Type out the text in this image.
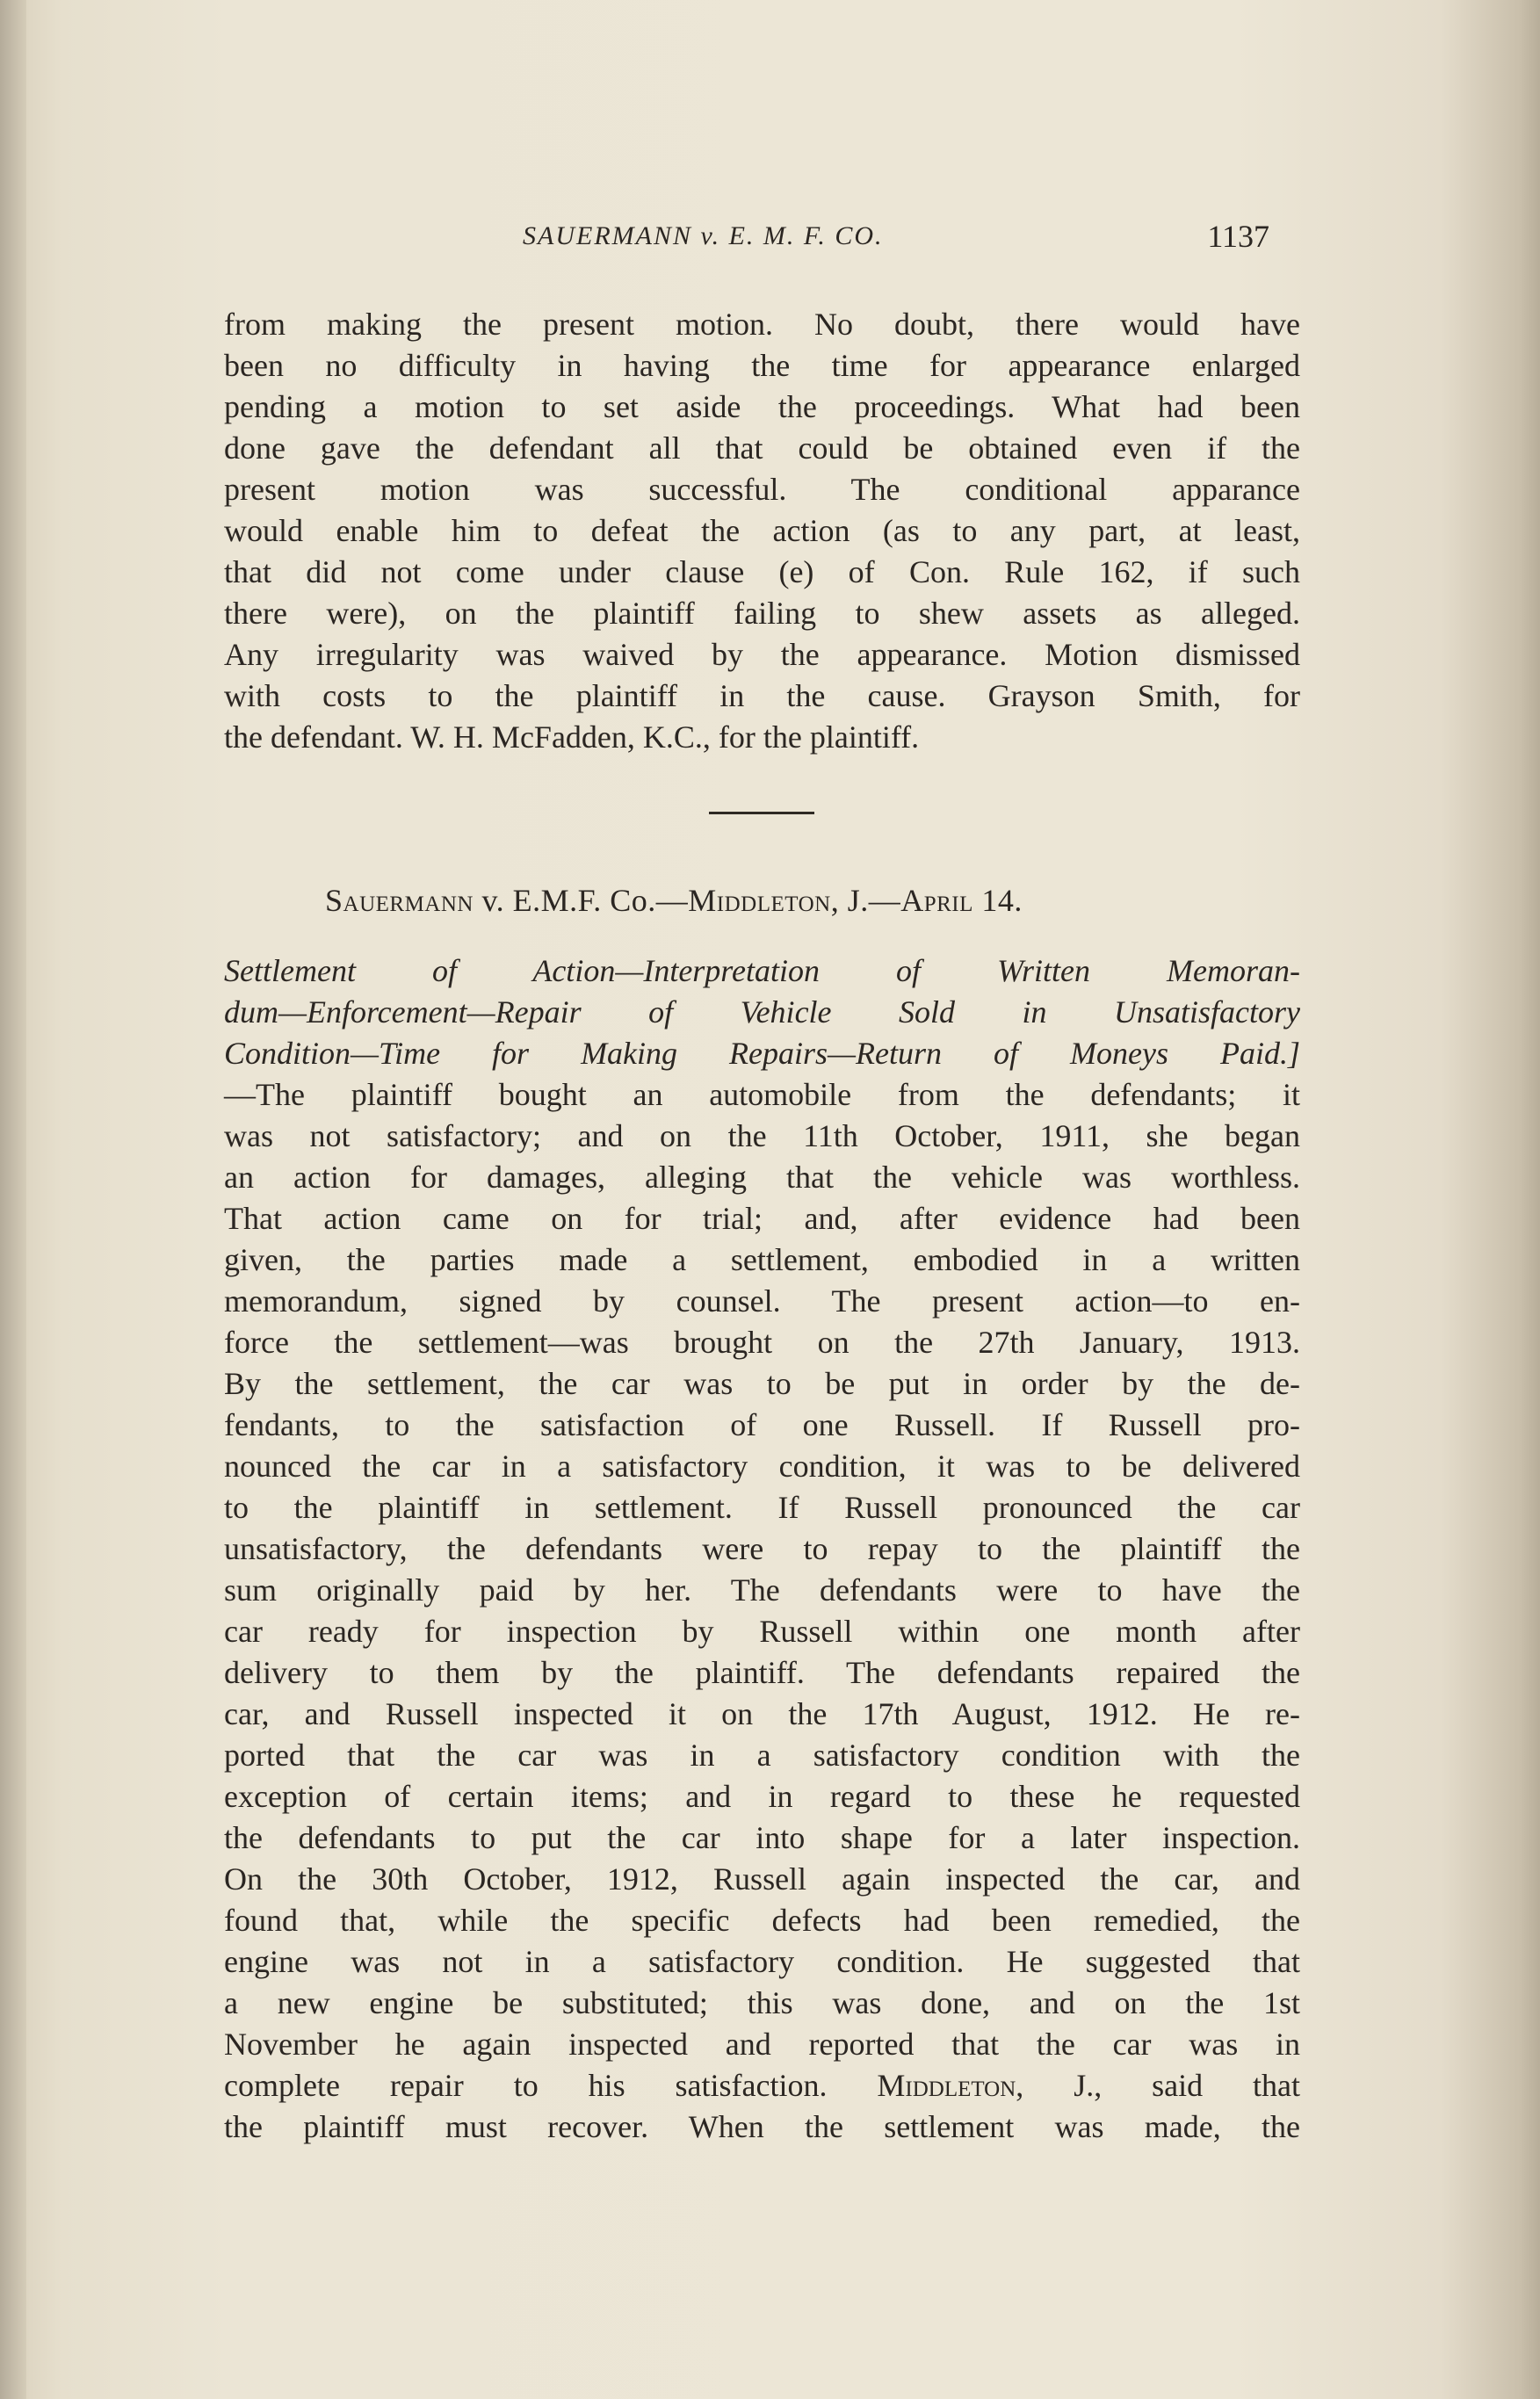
SAUERMANN v. E. M. F. CO.	1137
from making the present motion. No doubt, there would have
been no difficulty in having the time for appearance enlarged
pending a motion to set aside the proceedings. What had been
done gave the defendant all that could be obtained even if the
present motion was successful. The conditional apparance
would enable him to defeat the action (as to any part, at least,
that did not come under clause (e) of Con. Rule 162, if such
there were), on the plaintiff failing to shew assets as alleged.
Any irregularity was waived by the appearance. Motion dismissed
with costs to the plaintiff in the cause. Grayson Smith, for
the defendant. W. H. McFadden, K.C., for the plaintiff.
Sauermann v. E.M.F. Co.—Middleton, J.—April 14.
Settlement of Action—Interpretation of Written Memoran-
dum—Enforcement—Repair of Vehicle Sold in Unsatisfactory
Condition—Time for Making Repairs—Return of Moneys Paid.]
—The plaintiff bought an automobile from the defendants; it
was not satisfactory; and on the 11th October, 1911, she began
an action for damages, alleging that the vehicle was worthless.
That action came on for trial; and, after evidence had been
given, the parties made a settlement, embodied in a written
memorandum, signed by counsel. The present action—to en-
force the settlement—was brought on the 27th January, 1913.
By the settlement, the car was to be put in order by the de-
fendants, to the satisfaction of one Russell. If Russell pro-
nounced the car in a satisfactory condition, it was to be delivered
to the plaintiff in settlement. If Russell pronounced the car
unsatisfactory, the defendants were to repay to the plaintiff the
sum originally paid by her. The defendants were to have the
car ready for inspection by Russell within one month after
delivery to them by the plaintiff. The defendants repaired the
car, and Russell inspected it on the 17th August, 1912. He re-
ported that the car was in a satisfactory condition with the
exception of certain items; and in regard to these he requested
the defendants to put the car into shape for a later inspection.
On the 30th October, 1912, Russell again inspected the car, and
found that, while the specific defects had been remedied, the
engine was not in a satisfactory condition. He suggested that
a new engine be substituted; this was done, and on the 1st
November he again inspected and reported that the car was in
complete repair to his satisfaction. Middleton, J., said that
the plaintiff must recover. When the settlement was made, the
